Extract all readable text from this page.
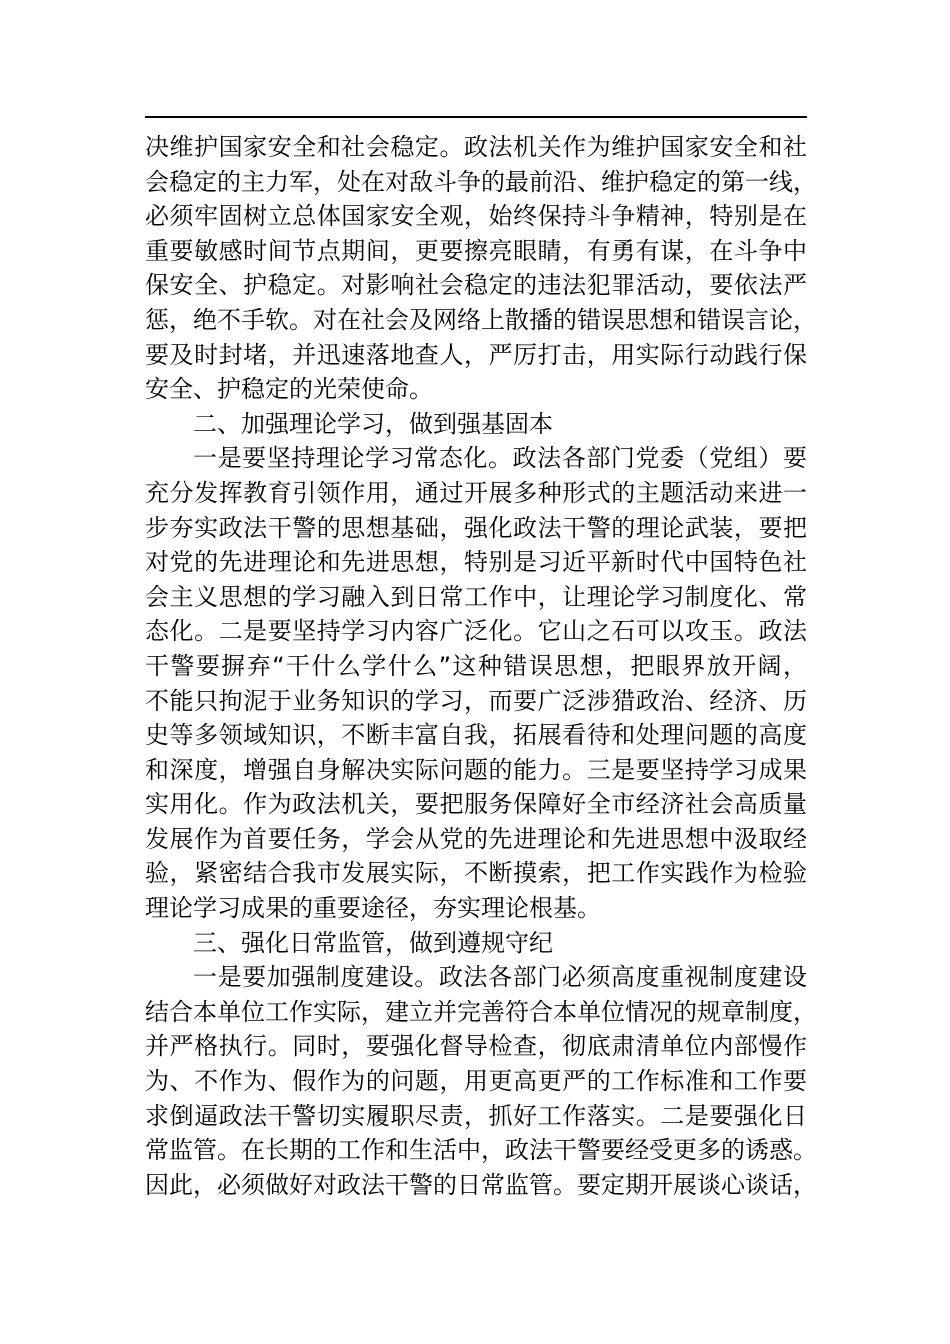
决维护国家安全和社会稳定。政法机关作为维护国家安全和社
会稳定的主力军，处在对敌斗争的最前沿、维护稳定的第一线，
必须牢固树立总体国家安全观，始终保持斗争精神，特别是在
重要敏感时间节点期间，更要擦亮眼睛，有勇有谋，在斗争中
保安全、护稳定。对影响社会稳定的违法犯罪活动，要依法严
惩，绝不手软。对在社会及网络上散播的错误思想和错误言论，
要及时封堵，并迅速落地查人，严厉打击，用实际行动践行保
安全、护稳定的光荣使命。
二、加强理论学习，做到强基固本
一是要坚持理论学习常态化。政法各部门党委（党组）要
充分发挥教育引领作用，通过开展多种形式的主题活动来进一
步夯实政法干警的思想基础，强化政法干警的理论武装，要把
对党的先进理论和先进思想，特别是习近平新时代中国特色社
会主义思想的学习融入到日常工作中，让理论学习制度化、常
态化。二是要坚持学习内容广泛化。它山之石可以攻玉。政法
干警要摒弃“干什么学什么”这种错误思想，把眼界放开阔，
不能只拘泥于业务知识的学习，而要广泛涉猎政治、经济、历
史等多领域知识，不断丰富自我，拓展看待和处理问题的高度
和深度，增强自身解决实际问题的能力。三是要坚持学习成果
实用化。作为政法机关，要把服务保障好全市经济社会高质量
发展作为首要任务，学会从党的先进理论和先进思想中汲取经
验，紧密结合我市发展实际，不断摸索，把工作实践作为检验
理论学习成果的重要途径，夯实理论根基。
三、强化日常监管，做到遵规守纪
一是要加强制度建设。政法各部门必须高度重视制度建设
结合本单位工作实际，建立并完善符合本单位情况的规章制度，
并严格执行。同时，要强化督导检查，彻底肃清单位内部慢作
为、不作为、假作为的问题，用更高更严的工作标准和工作要
求倒逼政法干警切实履职尽责，抓好工作落实。二是要强化日
常监管。在长期的工作和生活中，政法干警要经受更多的诱惑。
因此，必须做好对政法干警的日常监管。要定期开展谈心谈话，
